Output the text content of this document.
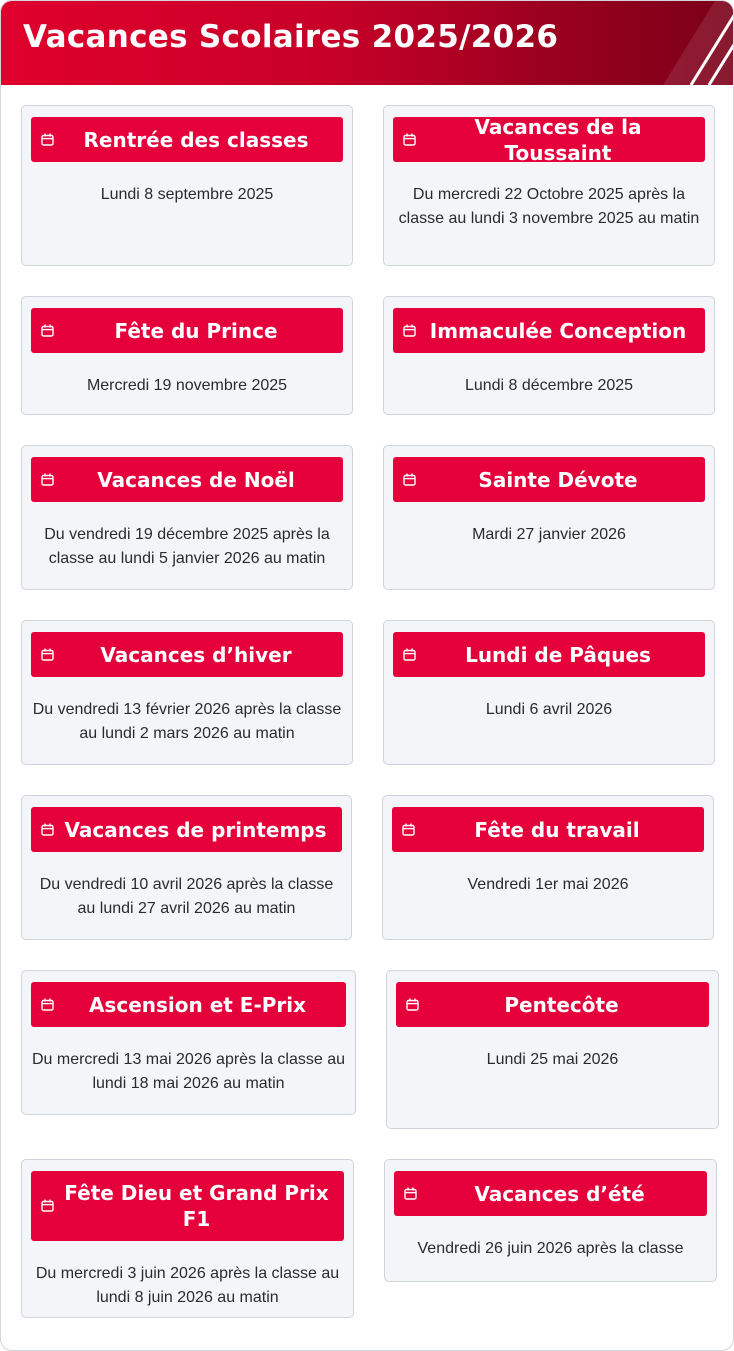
Vacances Scolaires 2025/2026
Rentrée des classes
Lundi 8 septembre 2025
Vacances de la Toussaint
Du mercredi 22 Octobre 2025 après la classe au lundi 3 novembre 2025 au matin
Fête du Prince
Mercredi 19 novembre 2025
Immaculée Conception
Lundi 8 décembre 2025
Vacances de Noël
Du vendredi 19 décembre 2025 après la classe au lundi 5 janvier 2026 au matin
Sainte Dévote
Mardi 27 janvier 2026
Vacances d’hiver
Du vendredi 13 février 2026 après la classe au lundi 2 mars 2026 au matin
Lundi de Pâques
Lundi 6 avril 2026
Vacances de printemps
Du vendredi 10 avril 2026 après la classe au lundi 27 avril 2026 au matin
Fête du travail
Vendredi 1er mai 2026
Ascension et E-Prix
Du mercredi 13 mai 2026 après la classe au lundi 18 mai 2026 au matin
Pentecôte
Lundi 25 mai 2026
Fête Dieu et Grand Prix F1
Du mercredi 3 juin 2026 après la classe au lundi 8 juin 2026 au matin
Vacances d’été
Vendredi 26 juin 2026 après la classe
